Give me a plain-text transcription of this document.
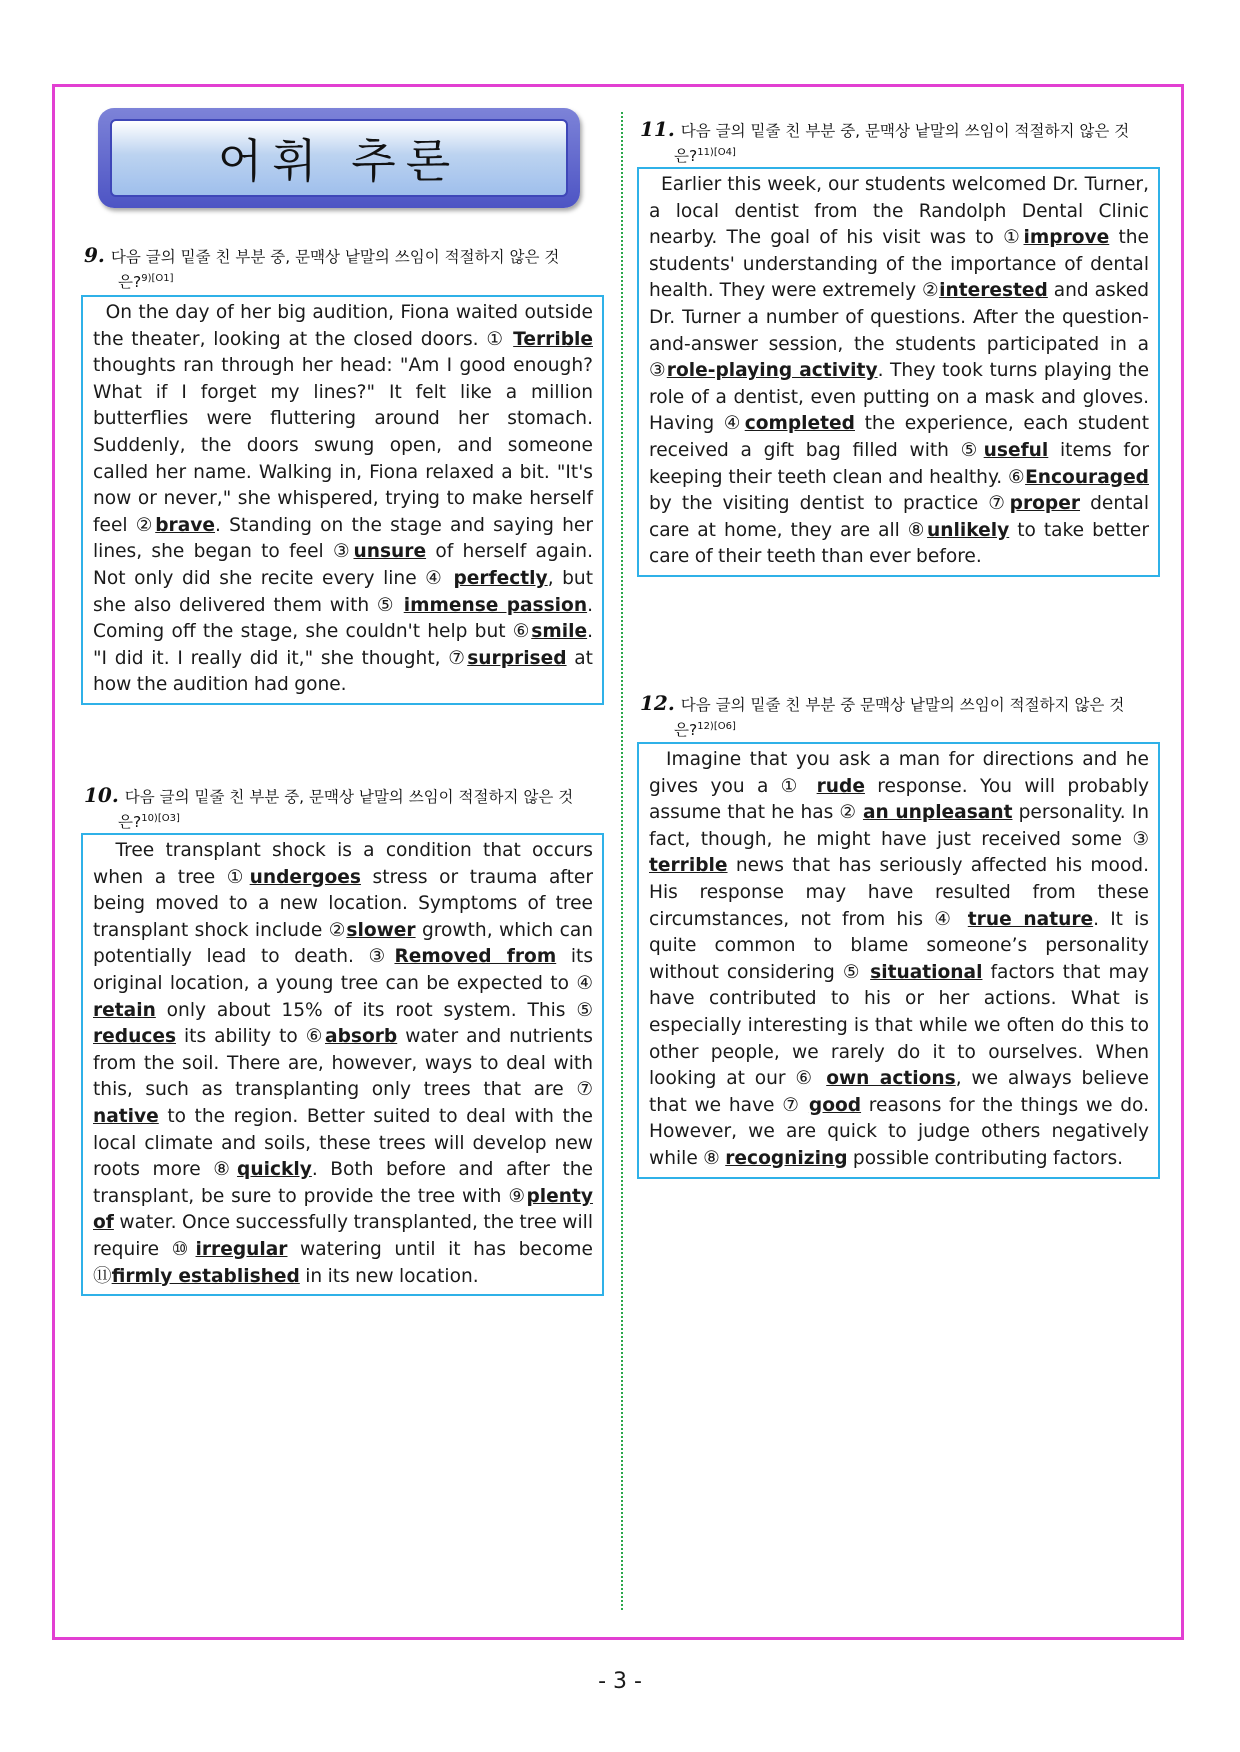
어휘 추론
9. 다음 글의 밑줄 친 부분 중, 문맥상 낱말의 쓰임이 적절하지 않은 것
은?$^{9)[O1]}$
On the day of her big audition, Fiona waited outside the theater, looking at the closed doors. ① Terrible thoughts ran through her head: "Am I good enough? What if I forget my lines?" It felt like a million butterflies were fluttering around her stomach. Suddenly, the doors swung open, and someone called her name. Walking in, Fiona relaxed a bit. "It's now or never," she whispered, trying to make herself feel ②brave. Standing on the stage and saying her lines, she began to feel ③unsure of herself again. Not only did she recite every line ④ perfectly, but she also delivered them with ⑤ immense passion. Coming off the stage, she couldn't help but ⑥smile. "I did it. I really did it," she thought, ⑦surprised at how the audition had gone.
10. 다음 글의 밑줄 친 부분 중, 문맥상 낱말의 쓰임이 적절하지 않은 것
은?$^{10)[O3]}$
Tree transplant shock is a condition that occurs when a tree ①undergoes stress or trauma after being moved to a new location. Symptoms of tree transplant shock include ②slower growth, which can potentially lead to death. ③Removed from its original location, a young tree can be expected to ④ retain only about 15% of its root system. This ⑤ reduces its ability to ⑥absorb water and nutrients from the soil. There are, however, ways to deal with this, such as transplanting only trees that are ⑦ native to the region. Better suited to deal with the local climate and soils, these trees will develop new roots more ⑧quickly. Both before and after the transplant, be sure to provide the tree with ⑨plenty of water. Once successfully transplanted, the tree will require ⑩irregular watering until it has become ⑪firmly established in its new location.
11. 다음 글의 밑줄 친 부분 중, 문맥상 낱말의 쓰임이 적절하지 않은 것
은?$^{11)[O4]}$
Earlier this week, our students welcomed Dr. Turner, a local dentist from the Randolph Dental Clinic nearby. The goal of his visit was to ①improve the students' understanding of the importance of dental health. They were extremely ②interested and asked Dr. Turner a number of questions. After the question-and-answer session, the students participated in a ③role-playing activity. They took turns playing the role of a dentist, even putting on a mask and gloves. Having ④completed the experience, each student received a gift bag filled with ⑤useful items for keeping their teeth clean and healthy. ⑥Encouraged by the visiting dentist to practice ⑦proper dental care at home, they are all ⑧unlikely to take better care of their teeth than ever before.
12. 다음 글의 밑줄 친 부분 중 문맥상 낱말의 쓰임이 적절하지 않은 것
은?$^{12)[O6]}$
Imagine that you ask a man for directions and he gives you a ① rude response. You will probably assume that he has ② an unpleasant personality. In fact, though, he might have just received some ③ terrible news that has seriously affected his mood. His response may have resulted from these circumstances, not from his ④ true nature. It is quite common to blame someone’s personality without considering ⑤ situational factors that may have contributed to his or her actions. What is especially interesting is that while we often do this to other people, we rarely do it to ourselves. When looking at our ⑥ own actions, we always believe that we have ⑦ good reasons for the things we do. However, we are quick to judge others negatively while ⑧ recognizing possible contributing factors.
- 3 -
